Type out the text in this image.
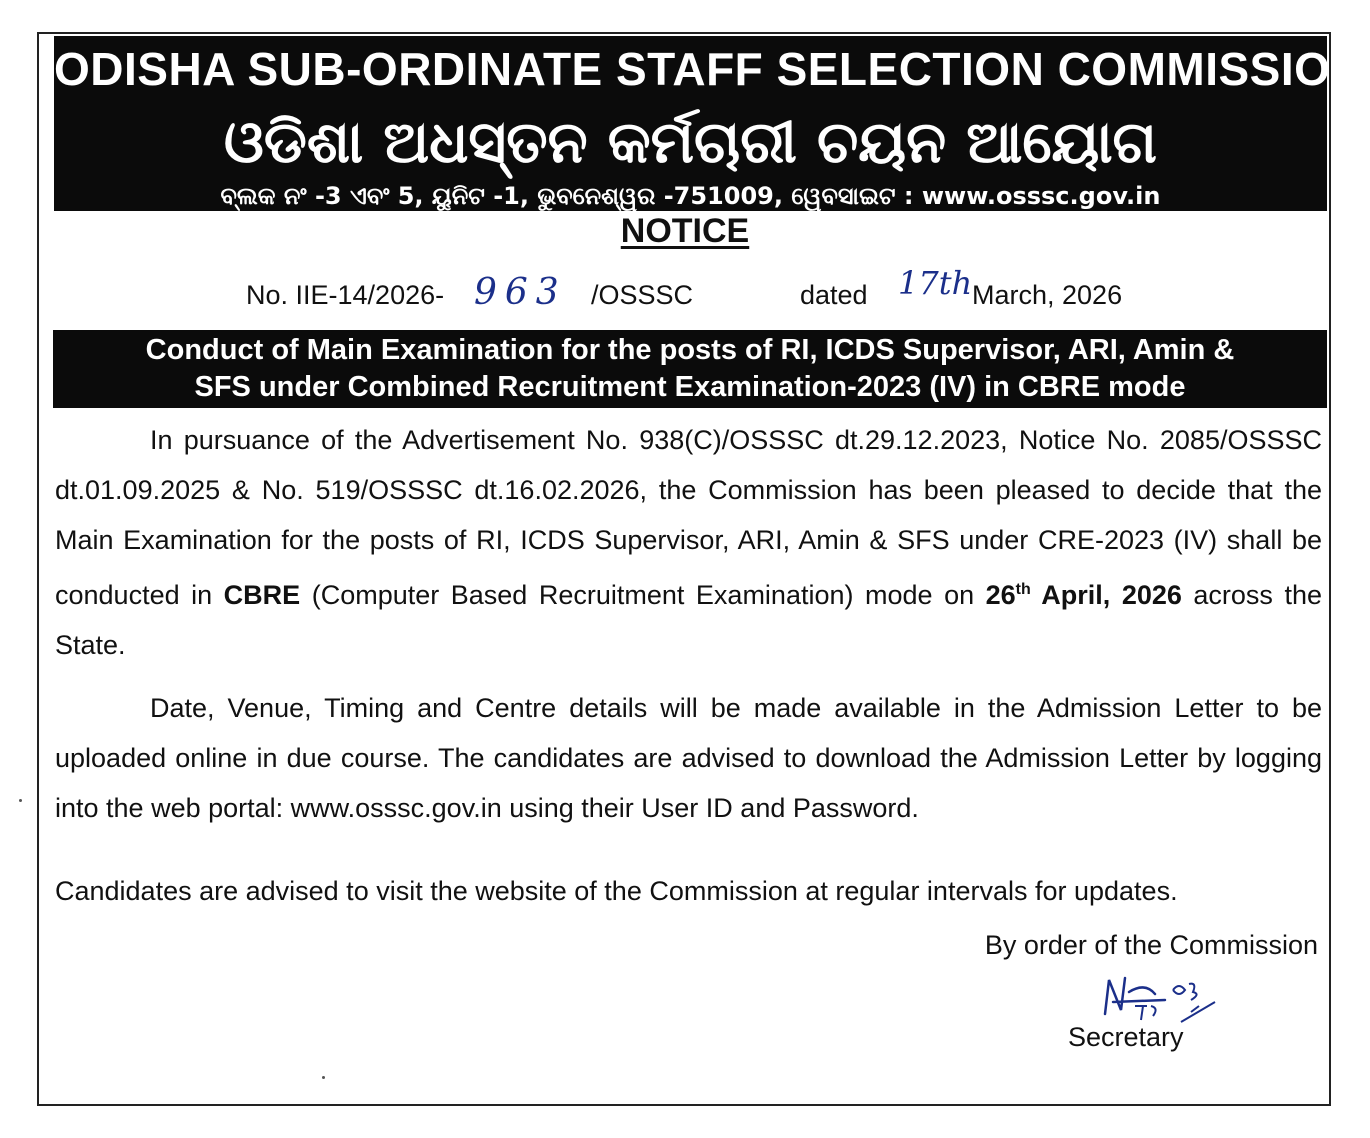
ODISHA SUB-ORDINATE STAFF SELECTION COMMISSION
ଓଡିଶା ଅଧସ୍ତନ କର୍ମଚାରୀ ଚୟନ ଆୟୋଗ
ବ୍ଲକ ନଂ -3 ଏବଂ 5, ୟୁନିଟ -1, ଭୁବନେଶ୍ୱର -751009, ୱେବସାଇଟ : www.osssc.gov.in
NOTICE
No. IIE-14/2026- 963 /OSSSC	dated 17th March, 2026
Conduct of Main Examination for the posts of RI, ICDS Supervisor, ARI, Amin &
SFS under Combined Recruitment Examination-2023 (IV) in CBRE mode
In pursuance of the Advertisement No. 938(C)/OSSSC dt.29.12.2023, Notice No. 2085/OSSSC dt.01.09.2025 & No. 519/OSSSC dt.16.02.2026, the Commission has been pleased to decide that the Main Examination for the posts of RI, ICDS Supervisor, ARI, Amin & SFS under CRE-2023 (IV) shall be conducted in CBRE (Computer Based Recruitment Examination) mode on 26th April, 2026 across the State.
Date, Venue, Timing and Centre details will be made available in the Admission Letter to be uploaded online in due course. The candidates are advised to download the Admission Letter by logging into the web portal: www.osssc.gov.in using their User ID and Password.
Candidates are advised to visit the website of the Commission at regular intervals for updates.
By order of the Commission
Secretary
